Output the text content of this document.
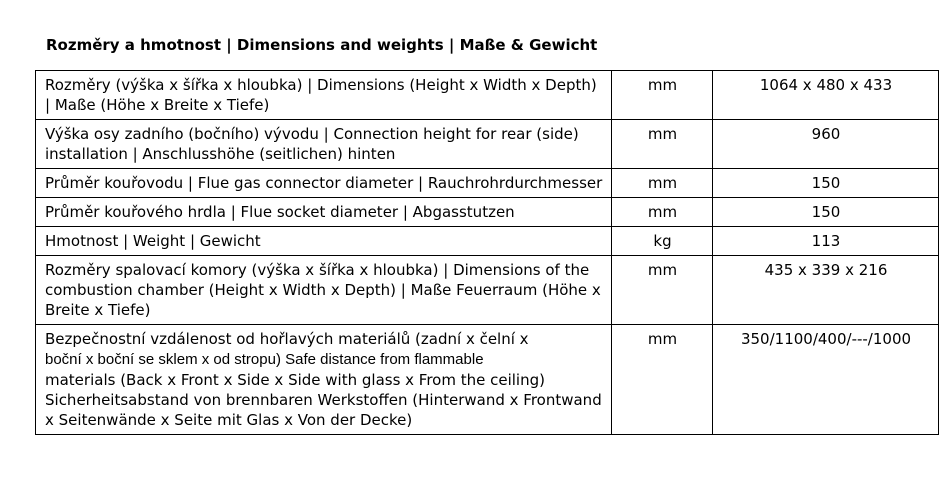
Rozměry a hmotnost | Dimensions and weights | Maße & Gewicht
Rozměry (výška x šířka x hloubka) | Dimensions (Height x Width x Depth) | Maße (Höhe x Breite x Tiefe)	mm	1064 x 480 x 433
Výška osy zadního (bočního) vývodu | Connection height for rear (side) installation | Anschlusshöhe (seitlichen) hinten	mm	960
Průměr kouřovodu | Flue gas connector diameter | Rauchrohrdurchmesser	mm	150
Průměr kouřového hrdla | Flue socket diameter | Abgasstutzen	mm	150
Hmotnost | Weight | Gewicht	kg	113
Rozměry spalovací komory (výška x šířka x hloubka) | Dimensions of the combustion chamber (Height x Width x Depth) | Maße Feuerraum (Höhe x Breite x Tiefe)	mm	435 x 339 x 216
Bezpečnostní vzdálenost od hořlavých materiálů (zadní x čelní x
boční x boční se sklem x od stropu) Safe distance from flammable
materials (Back x Front x Side x Side with glass x From the ceiling) Sicherheitsabstand von brennbaren Werkstoffen (Hinterwand x Frontwand x Seitenwände x Seite mit Glas x Von der Decke)	mm	350/1100/400/---/1000
